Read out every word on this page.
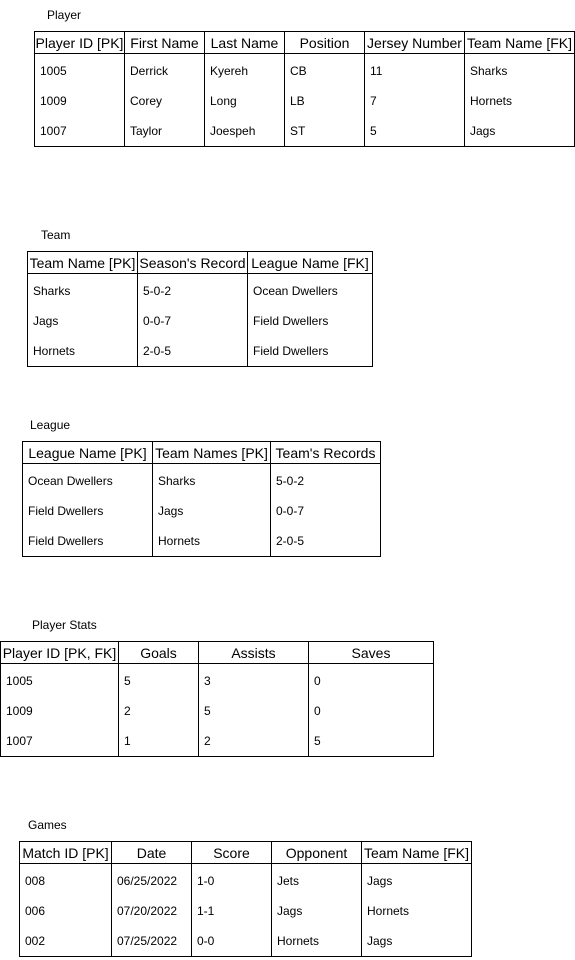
Player
Player ID [PK]
1005
1009
1007
First Name
Derrick
Corey
Taylor
Last Name
Kyereh
Long
Joespeh
Position
CB
LB
ST
Jersey Number
11
7
5
Team Name [FK]
Sharks
Hornets
Jags
Team
Team Name [PK]
Sharks
Jags
Hornets
Season's Record
5-0-2
0-0-7
2-0-5
League Name [FK]
Ocean Dwellers
Field Dwellers
Field Dwellers
League
League Name [PK]
Ocean Dwellers
Field Dwellers
Field Dwellers
Team Names [PK]
Sharks
Jags
Hornets
Team's Records
5-0-2
0-0-7
2-0-5
Player Stats
Player ID [PK, FK]
1005
1009
1007
Goals
5
2
1
Assists
3
5
2
Saves
0
0
5
Games
Match ID [PK]
008
006
002
Date
06/25/2022
07/20/2022
07/25/2022
Score
1-0
1-1
0-0
Opponent
Jets
Jags
Hornets
Team Name [FK]
Jags
Hornets
Jags
